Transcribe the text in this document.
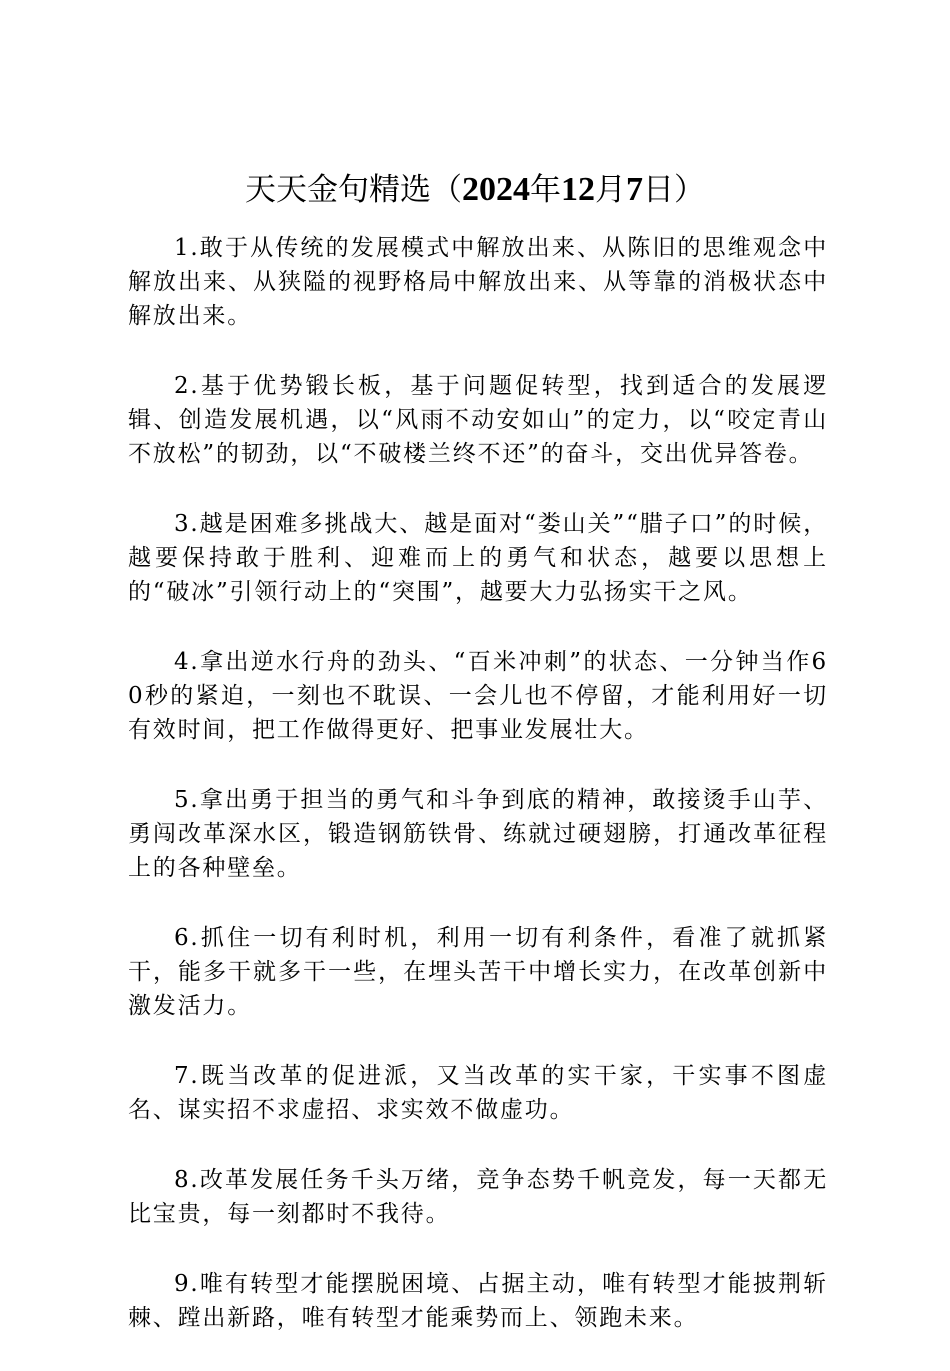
天天金句精选（2024年12月7日）

1.敢于从传统的发展模式中解放出来、从陈旧的思维观念中解放出来、从狭隘的视野格局中解放出来、从等靠的消极状态中解放出来。

2.基于优势锻长板，基于问题促转型，找到适合的发展逻辑、创造发展机遇，以“风雨不动安如山”的定力，以“咬定青山不放松”的韧劲，以“不破楼兰终不还”的奋斗，交出优异答卷。

3.越是困难多挑战大、越是面对“娄山关”“腊子口”的时候，越要保持敢于胜利、迎难而上的勇气和状态，越要以思想上的“破冰”引领行动上的“突围”，越要大力弘扬实干之风。

4.拿出逆水行舟的劲头、“百米冲刺”的状态、一分钟当作60秒的紧迫，一刻也不耽误、一会儿也不停留，才能利用好一切有效时间，把工作做得更好、把事业发展壮大。

5.拿出勇于担当的勇气和斗争到底的精神，敢接烫手山芋、勇闯改革深水区，锻造钢筋铁骨、练就过硬翅膀，打通改革征程上的各种壁垒。

6.抓住一切有利时机，利用一切有利条件，看准了就抓紧干，能多干就多干一些，在埋头苦干中增长实力，在改革创新中激发活力。

7.既当改革的促进派，又当改革的实干家，干实事不图虚名、谋实招不求虚招、求实效不做虚功。

8.改革发展任务千头万绪，竞争态势千帆竞发，每一天都无比宝贵，每一刻都时不我待。

9.唯有转型才能摆脱困境、占据主动，唯有转型才能披荆斩棘、蹚出新路，唯有转型才能乘势而上、领跑未来。
